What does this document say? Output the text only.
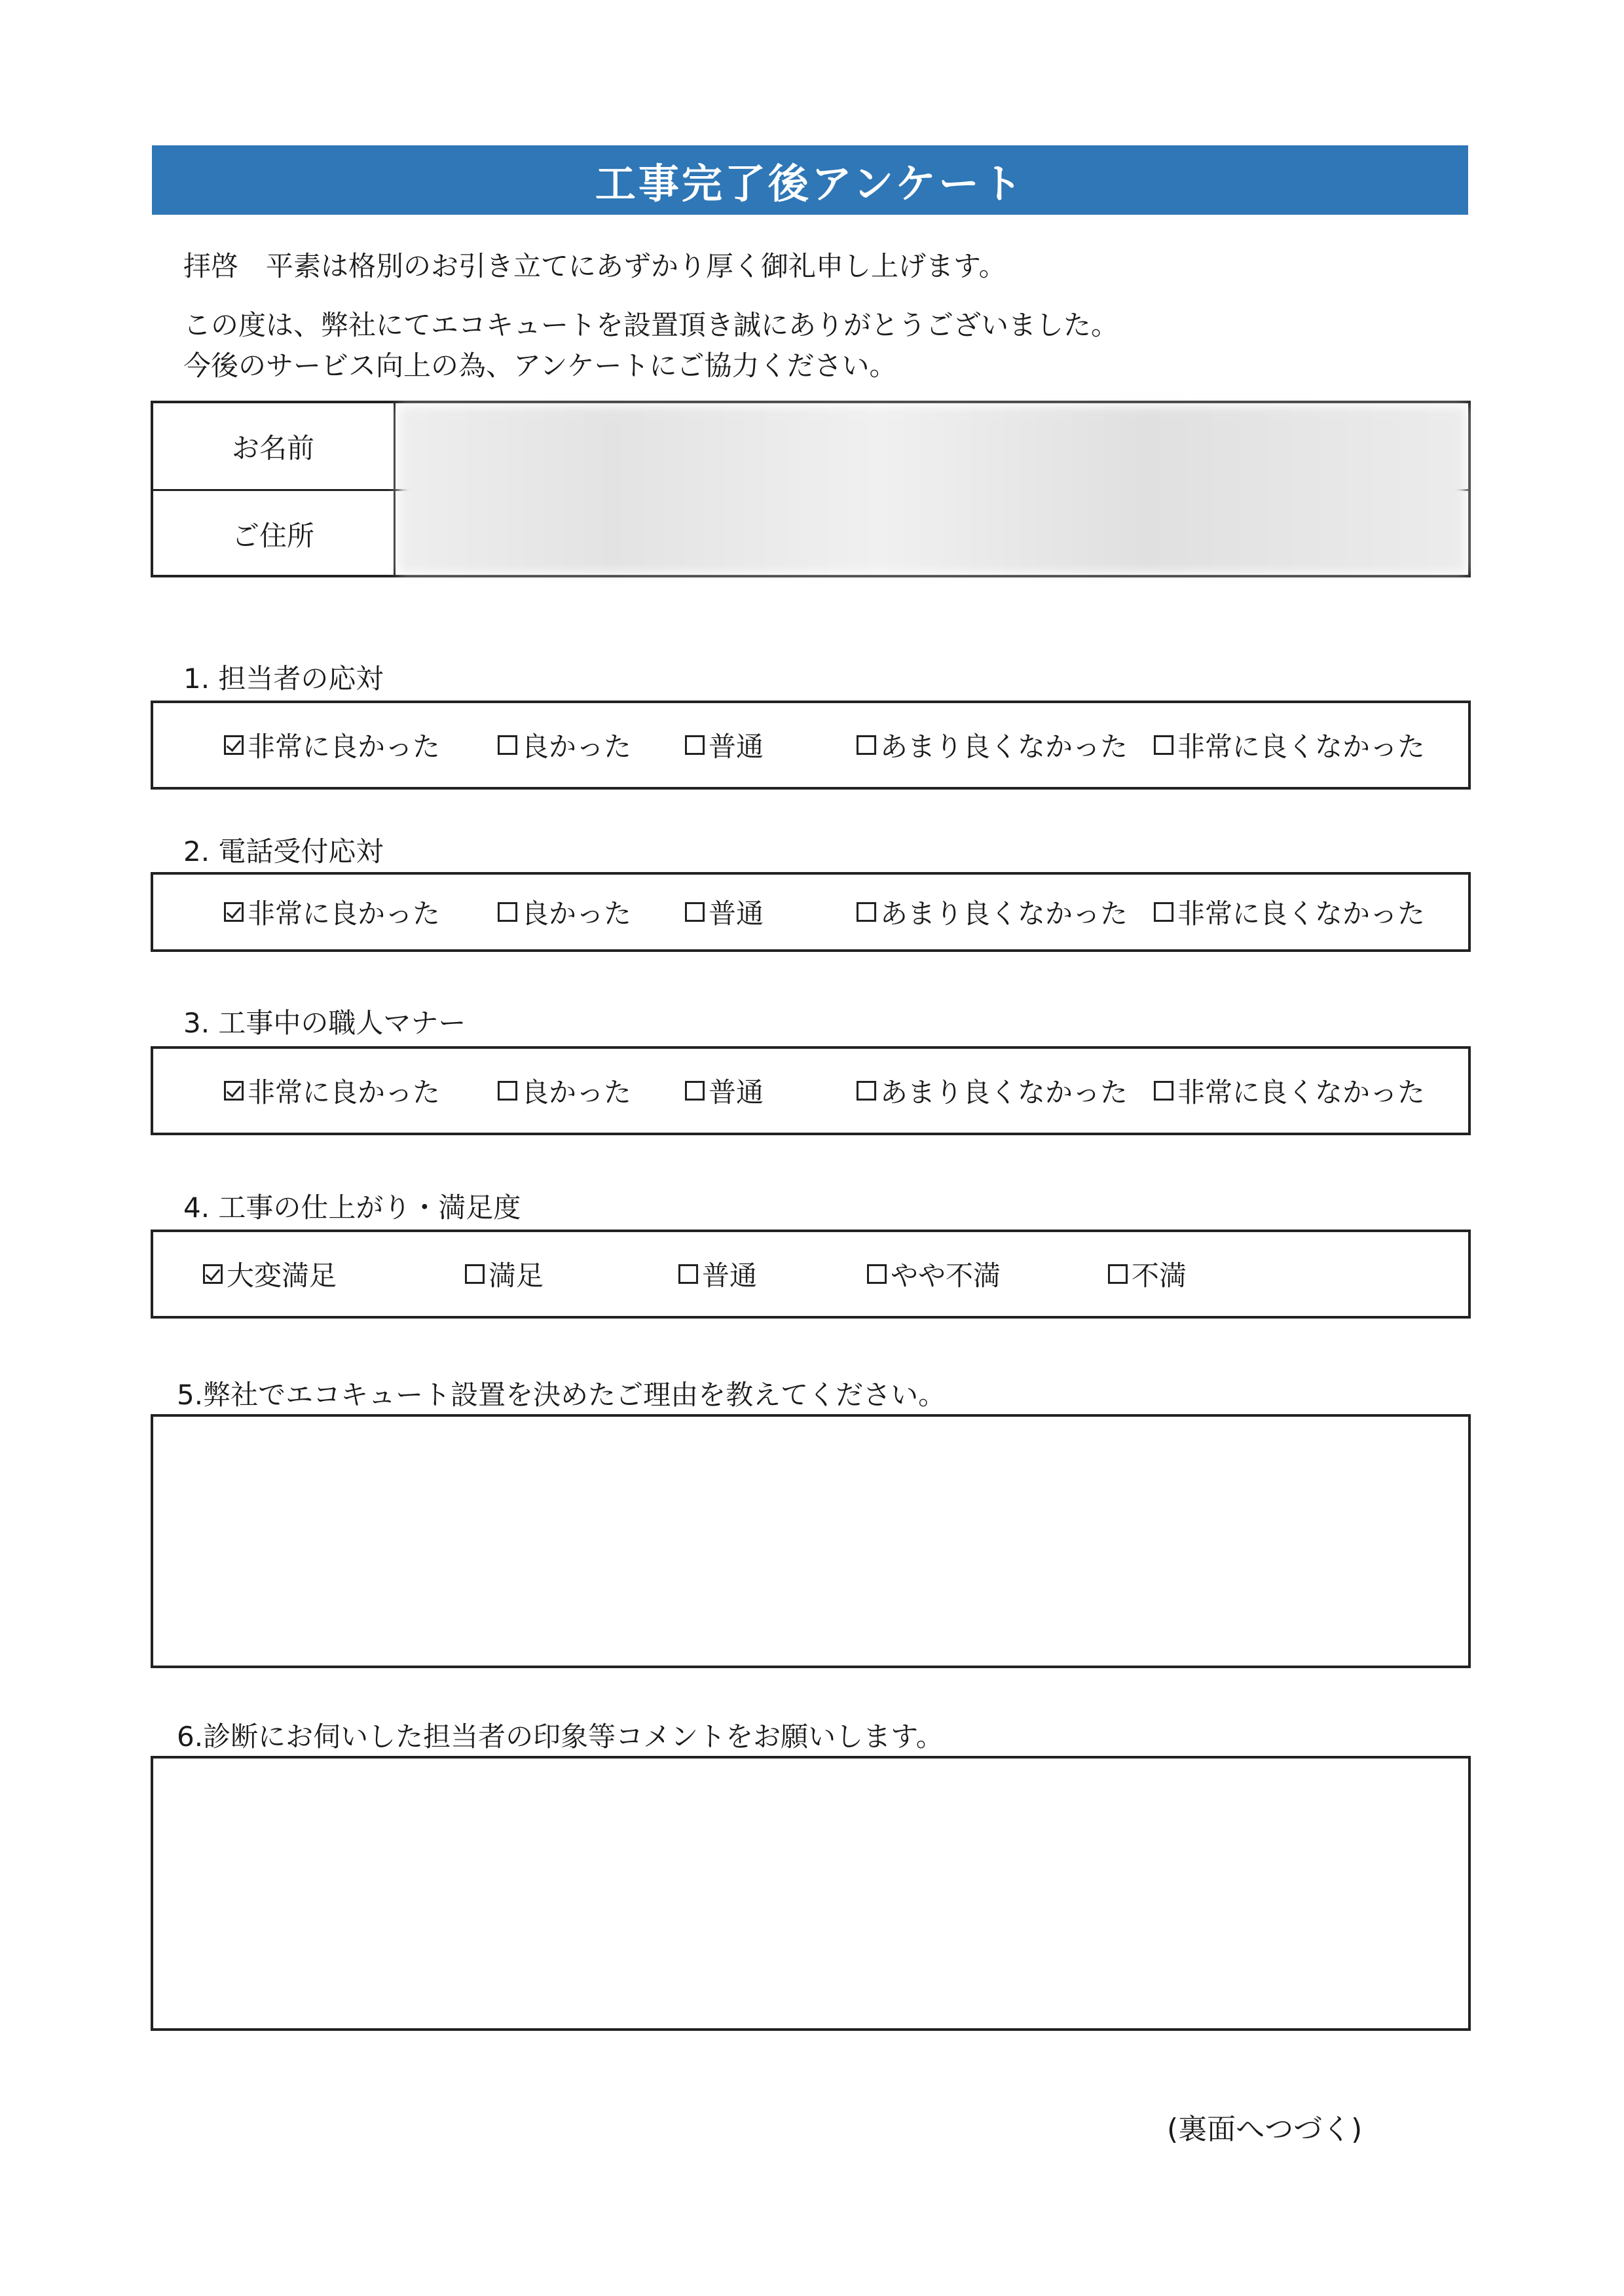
工事完了後アンケート
拝啓　平素は格別のお引き立てにあずかり厚く御礼申し上げます。
この度は、弊社にてエコキュートを設置頂き誠にありがとうございました。
今後のサービス向上の為、アンケートにご協力ください。
お名前
ご住所
1. 担当者の応対
非常に良かった	良かった	普通	あまり良くなかった 非常に良くなかった
2. 電話受付応対
非常に良かった	良かった	普通	あまり良くなかった 非常に良くなかった
3. 工事中の職人マナー
非常に良かった	良かった	普通	あまり良くなかった 非常に良くなかった
4. 工事の仕上がり・満足度
大変満足	満足	普通	やや不満	不満
5.弊社でエコキュート設置を決めたご理由を教えてください。
6.診断にお伺いした担当者の印象等コメントをお願いします。
(裏面へつづく)
